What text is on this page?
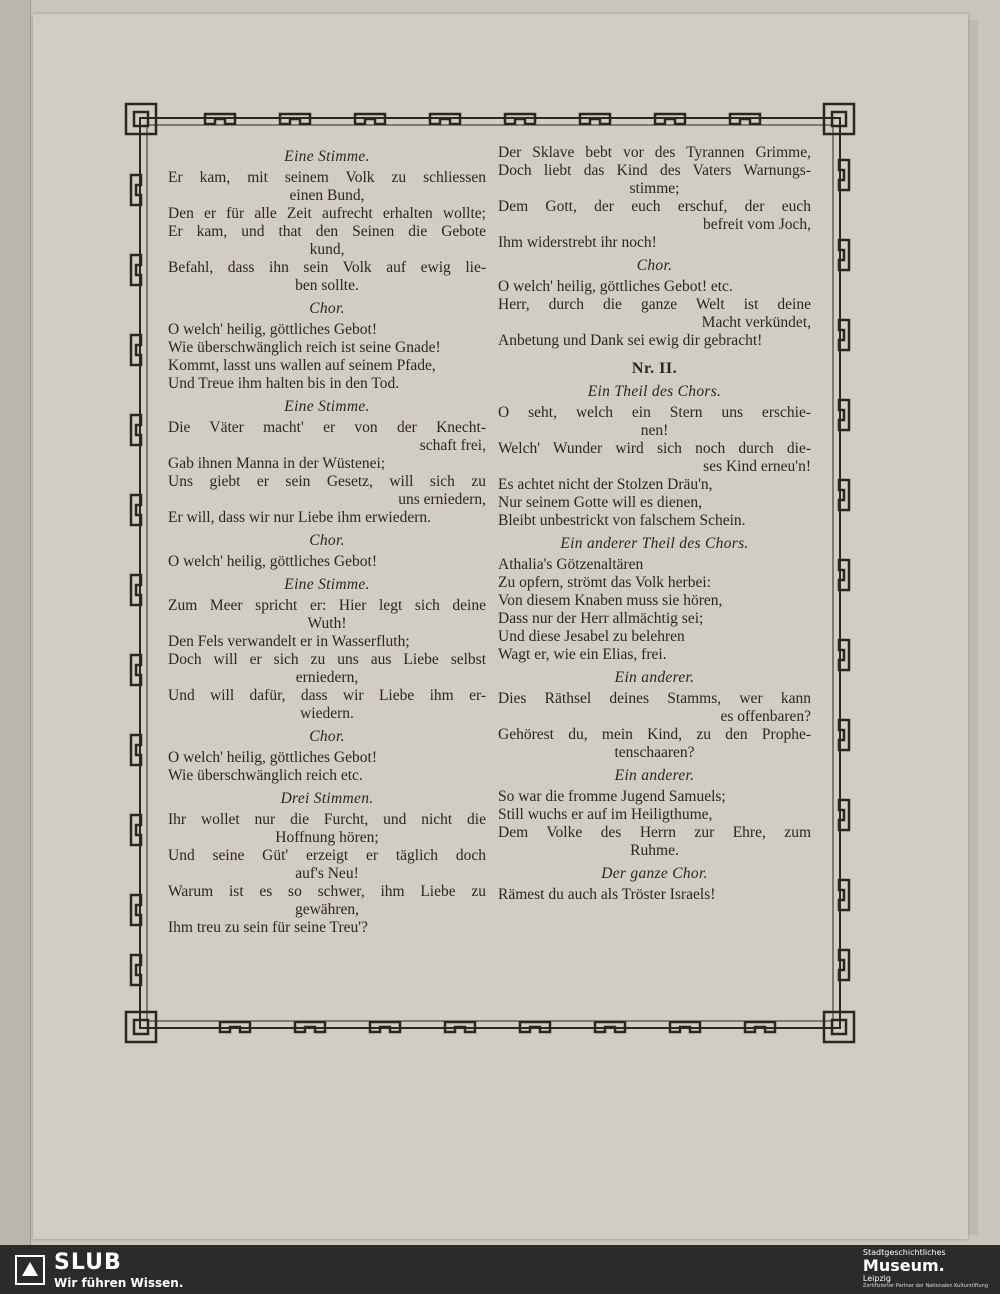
Eine Stimme.
Er kam, mit seinem Volk zu schliessen
einen Bund,
Den er für alle Zeit aufrecht erhalten wollte;
Er kam, und that den Seinen die Gebote
kund,
Befahl, dass ihn sein Volk auf ewig lie-
ben sollte.
Chor.
O welch' heilig, göttliches Gebot!
Wie überschwänglich reich ist seine Gnade!
Kommt, lasst uns wallen auf seinem Pfade,
Und Treue ihm halten bis in den Tod.
Eine Stimme.
Die Väter macht' er von der Knecht-
schaft frei,
Gab ihnen Manna in der Wüstenei;
Uns giebt er sein Gesetz, will sich zu
uns erniedern,
Er will, dass wir nur Liebe ihm erwiedern.
Chor.
O welch' heilig, göttliches Gebot!
Eine Stimme.
Zum Meer spricht er: Hier legt sich deine
Wuth!
Den Fels verwandelt er in Wasserfluth;
Doch will er sich zu uns aus Liebe selbst
erniedern,
Und will dafür, dass wir Liebe ihm er-
wiedern.
Chor.
O welch' heilig, göttliches Gebot!
Wie überschwänglich reich etc.
Drei Stimmen.
Ihr wollet nur die Furcht, und nicht die
Hoffnung hören;
Und seine Güt' erzeigt er täglich doch
auf's Neu!
Warum ist es so schwer, ihm Liebe zu
gewähren,
Ihm treu zu sein für seine Treu'?
Der Sklave bebt vor des Tyrannen Grimme,
Doch liebt das Kind des Vaters Warnungs-
stimme;
Dem Gott, der euch erschuf, der euch
befreit vom Joch,
Ihm widerstrebt ihr noch!
Chor.
O welch' heilig, göttliches Gebot! etc.
Herr, durch die ganze Welt ist deine
Macht verkündet,
Anbetung und Dank sei ewig dir gebracht!
Nr. II.
Ein Theil des Chors.
O seht, welch ein Stern uns erschie-
nen!
Welch' Wunder wird sich noch durch die-
ses Kind erneu'n!
Es achtet nicht der Stolzen Dräu'n,
Nur seinem Gotte will es dienen,
Bleibt unbestrickt von falschem Schein.
Ein anderer Theil des Chors.
Athalia's Götzenaltären
Zu opfern, strömt das Volk herbei:
Von diesem Knaben muss sie hören,
Dass nur der Herr allmächtig sei;
Und diese Jesabel zu belehren
Wagt er, wie ein Elias, frei.
Ein anderer.
Dies Räthsel deines Stamms, wer kann
es offenbaren?
Gehörest du, mein Kind, zu den Prophe-
tenschaaren?
Ein anderer.
So war die fromme Jugend Samuels;
Still wuchs er auf im Heiligthume,
Dem Volke des Herrn zur Ehre, zum
Ruhme.
Der ganze Chor.
Rämest du auch als Tröster Israels!
SLUB
Wir führen Wissen.
Stadtgeschichtliches
Museum.
Leipzig
Zertifizierter Partner der Nationalen Kulturstiftung
